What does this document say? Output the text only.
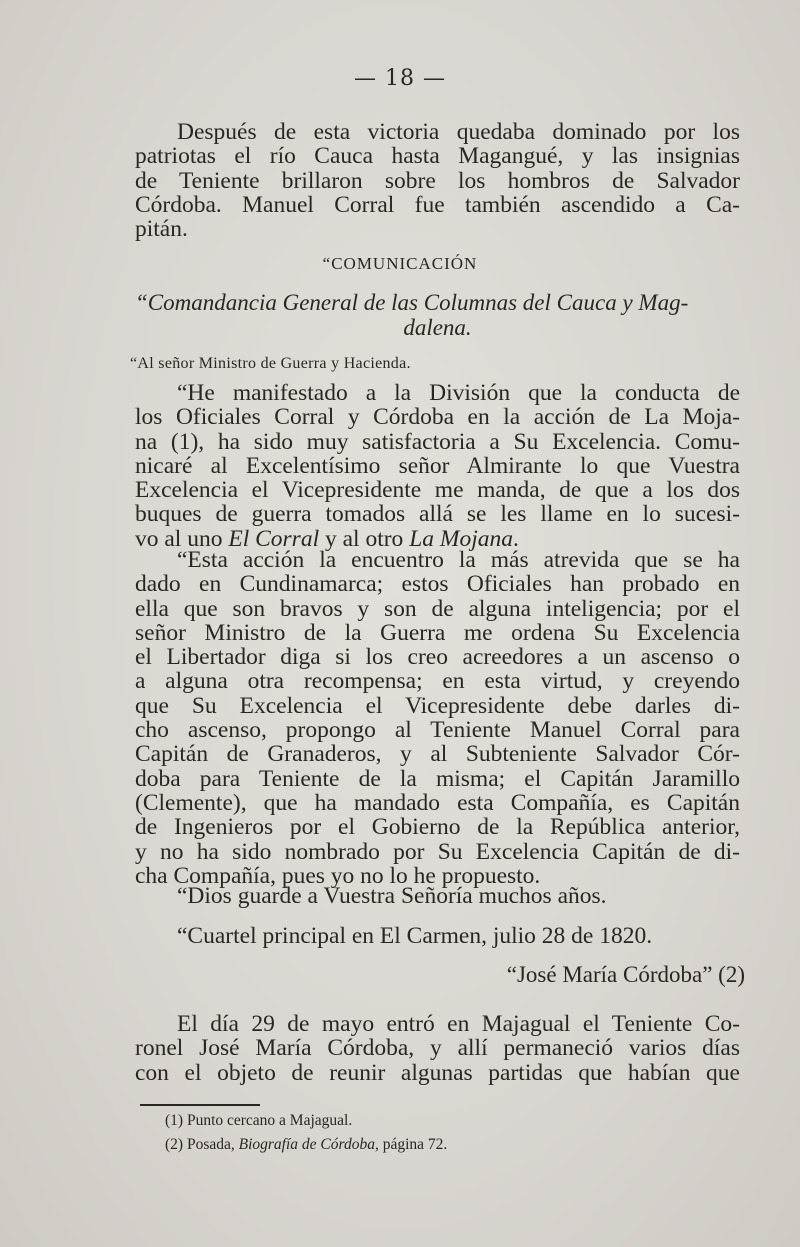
— 18 —
Después de esta victoria quedaba dominado por los
patriotas el río Cauca hasta Magangué, y las insignias
de Teniente brillaron sobre los hombros de Salvador
Córdoba. Manuel Corral fue también ascendido a Ca-
pitán.
“COMUNICACIÓN
“Comandancia General de las Columnas del Cauca y Mag-
dalena.
“Al señor Ministro de Guerra y Hacienda.
“He manifestado a la División que la conducta de
los Oficiales Corral y Córdoba en la acción de La Moja-
na (1), ha sido muy satisfactoria a Su Excelencia. Comu-
nicaré al Excelentísimo señor Almirante lo que Vuestra
Excelencia el Vicepresidente me manda, de que a los dos
buques de guerra tomados allá se les llame en lo sucesi-
vo al uno El Corral y al otro La Mojana.
“Esta acción la encuentro la más atrevida que se ha
dado en Cundinamarca; estos Oficiales han probado en
ella que son bravos y son de alguna inteligencia; por el
señor Ministro de la Guerra me ordena Su Excelencia
el Libertador diga si los creo acreedores a un ascenso o
a alguna otra recompensa; en esta virtud, y creyendo
que Su Excelencia el Vicepresidente debe darles di-
cho ascenso, propongo al Teniente Manuel Corral para
Capitán de Granaderos, y al Subteniente Salvador Cór-
doba para Teniente de la misma; el Capitán Jaramillo
(Clemente), que ha mandado esta Compañía, es Capitán
de Ingenieros por el Gobierno de la República anterior,
y no ha sido nombrado por Su Excelencia Capitán de di-
cha Compañía, pues yo no lo he propuesto.
“Dios guarde a Vuestra Señoría muchos años.
“Cuartel principal en El Carmen, julio 28 de 1820.
“José María Córdoba” (2)
El día 29 de mayo entró en Majagual el Teniente Co-
ronel José María Córdoba, y allí permaneció varios días
con el objeto de reunir algunas partidas que habían que
(1) Punto cercano a Majagual.
(2) Posada, Biografía de Córdoba, página 72.
